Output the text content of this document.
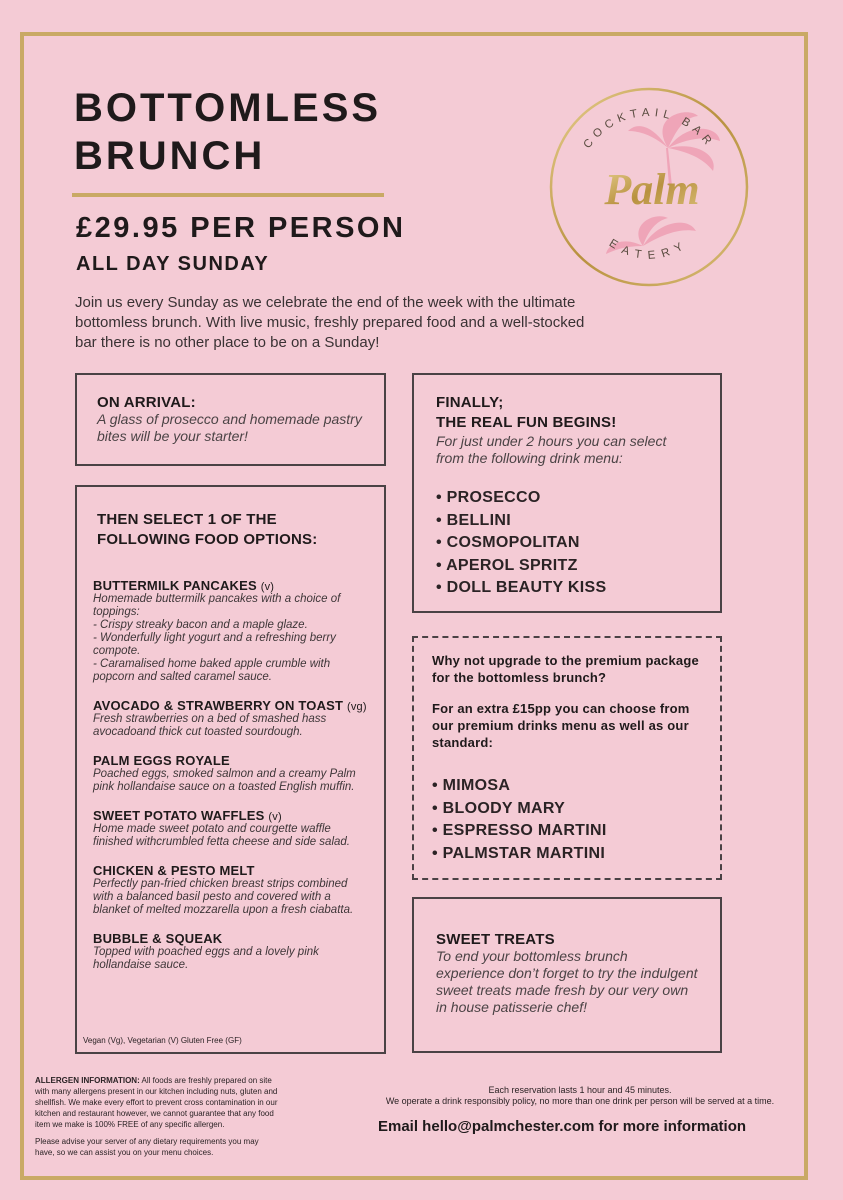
BOTTOMLESS
BRUNCH
£29.95 PER PERSON
ALL DAY SUNDAY
Join us every Sunday as we celebrate the end of the week with the ultimate bottomless brunch. With live music, freshly prepared food and a well-stocked bar there is no other place to be on a Sunday!
COCKTAIL BAR
EATERY
Palm
ON ARRIVAL:
A glass of prosecco and homemade pastry bites will be your starter!
THEN SELECT 1 OF THE
FOLLOWING FOOD OPTIONS:
BUTTERMILK PANCAKES (v)
Homemade buttermilk pancakes with a choice of toppings:
- Crispy streaky bacon and a maple glaze.
- Wonderfully light yogurt and a refreshing berry compote.
- Caramalised home baked apple crumble with popcorn and salted caramel sauce.
AVOCADO & STRAWBERRY ON TOAST (vg)
Fresh strawberries on a bed of smashed hass avocadoand thick cut toasted sourdough.
PALM EGGS ROYALE
Poached eggs, smoked salmon and a creamy Palm pink hollandaise sauce on a toasted English muffin.
SWEET POTATO WAFFLES (v)
Home made sweet potato and courgette waffle finished withcrumbled fetta cheese and side salad.
CHICKEN & PESTO MELT
Perfectly pan-fried chicken breast strips combined with a balanced basil pesto and covered with a blanket of melted mozzarella upon a fresh ciabatta.
BUBBLE & SQUEAK
Topped with poached eggs and a lovely pink hollandaise sauce.
Vegan (Vg), Vegetarian (V) Gluten Free (GF)
FINALLY;
THE REAL FUN BEGINS!
For just under 2 hours you can select from the following drink menu:
• PROSECCO
• BELLINI
• COSMOPOLITAN
• APEROL SPRITZ
• DOLL BEAUTY KISS
Why not upgrade to the premium package for the bottomless brunch?
For an extra £15pp you can choose from our premium drinks menu as well as our standard:
• MIMOSA
• BLOODY MARY
• ESPRESSO MARTINI
• PALMSTAR MARTINI
SWEET TREATS
To end your bottomless brunch experience don’t forget to try the indulgent sweet treats made fresh by our very own in house patisserie chef!
ALLERGEN INFORMATION: All foods are freshly prepared on site with many allergens present in our kitchen including nuts, gluten and shellfish. We make every effort to prevent cross contamination in our kitchen and restaurant however, we cannot guarantee that any food item we make is 100% FREE of any specific allergen.
Please advise your server of any dietary requirements you may have, so we can assist you on your menu choices.
Each reservation lasts 1 hour and 45 minutes.
We operate a drink responsibly policy, no more than one drink per person will be served at a time.
Email hello@palmchester.com for more information
